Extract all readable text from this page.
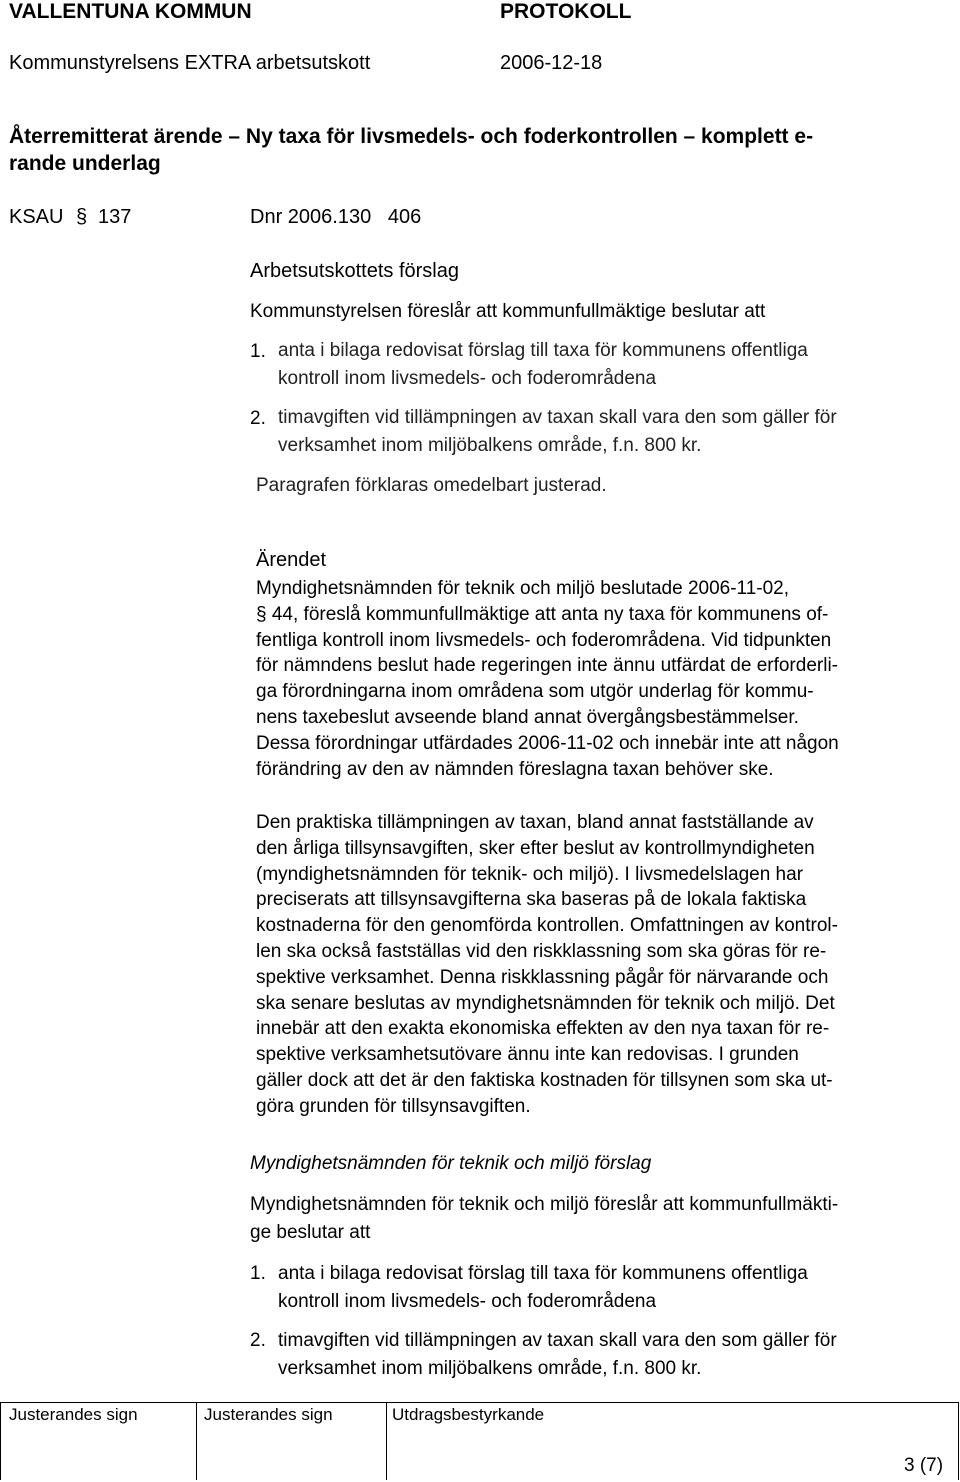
VALLENTUNA KOMMUN	PROTOKOLL
Kommunstyrelsens EXTRA arbetsutskott	2006-12-18
Återremitterat ärende – Ny taxa för livsmedels- och foderkontrollen – komplett e-
rande underlag
KSAU § 137	Dnr 2006.130   406
Arbetsutskottets förslag
Kommunstyrelsen föreslår att kommunfullmäktige beslutar att
1. anta i bilaga redovisat förslag till taxa för kommunens offentliga
kontroll inom livsmedels- och foderområdena
2. timavgiften vid tillämpningen av taxan skall vara den som gäller för
verksamhet inom miljöbalkens område, f.n. 800 kr.
Paragrafen förklaras omedelbart justerad.
Ärendet
Myndighetsnämnden för teknik och miljö beslutade 2006-11-02,
§ 44, föreslå kommunfullmäktige att anta ny taxa för kommunens of-
fentliga kontroll inom livsmedels- och foderområdena. Vid tidpunkten
för nämndens beslut hade regeringen inte ännu utfärdat de erforderli-
ga förordningarna inom områdena som utgör underlag för kommu-
nens taxebeslut avseende bland annat övergångsbestämmelser.
Dessa förordningar utfärdades 2006-11-02 och innebär inte att någon
förändring av den av nämnden föreslagna taxan behöver ske.
Den praktiska tillämpningen av taxan, bland annat fastställande av
den årliga tillsynsavgiften, sker efter beslut av kontrollmyndigheten
(myndighetsnämnden för teknik- och miljö). I livsmedelslagen har
preciserats att tillsynsavgifterna ska baseras på de lokala faktiska
kostnaderna för den genomförda kontrollen. Omfattningen av kontrol-
len ska också fastställas vid den riskklassning som ska göras för re-
spektive verksamhet. Denna riskklassning pågår för närvarande och
ska senare beslutas av myndighetsnämnden för teknik och miljö. Det
innebär att den exakta ekonomiska effekten av den nya taxan för re-
spektive verksamhetsutövare ännu inte kan redovisas. I grunden
gäller dock att det är den faktiska kostnaden för tillsynen som ska ut-
göra grunden för tillsynsavgiften.
Myndighetsnämnden för teknik och miljö förslag
Myndighetsnämnden för teknik och miljö föreslår att kommunfullmäkti-
ge beslutar att
1. anta i bilaga redovisat förslag till taxa för kommunens offentliga
kontroll inom livsmedels- och foderområdena
2. timavgiften vid tillämpningen av taxan skall vara den som gäller för
verksamhet inom miljöbalkens område, f.n. 800 kr.
Justerandes sign	Justerandes sign	Utdragsbestyrkande
3 (7)
